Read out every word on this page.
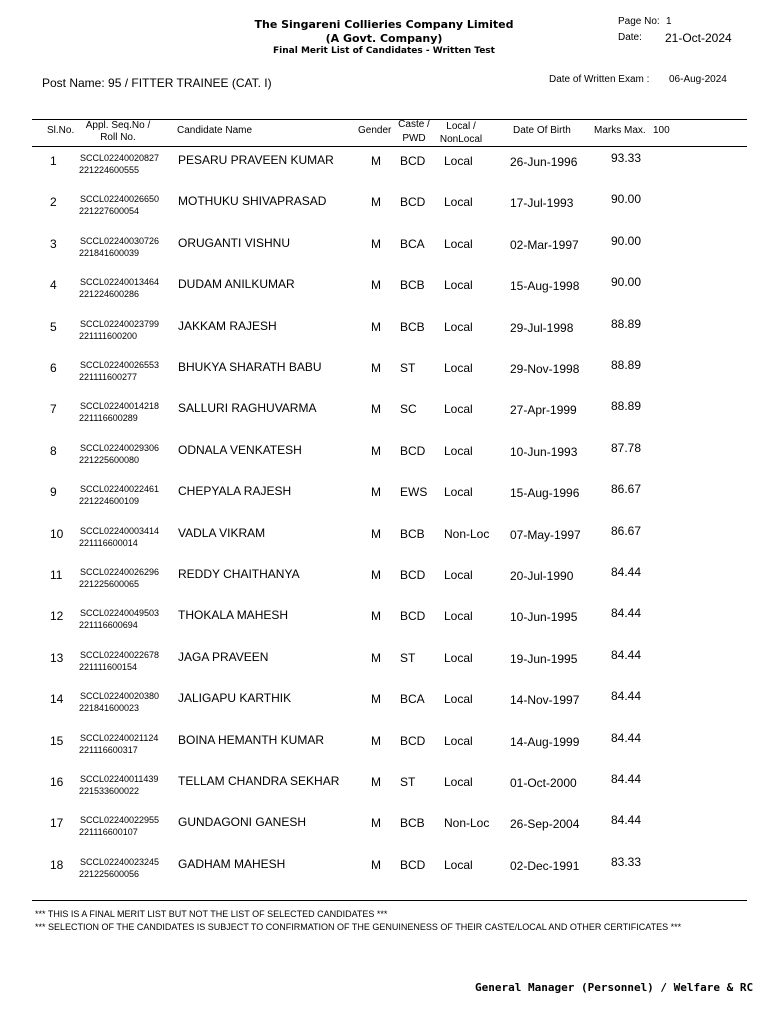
The Singareni Collieries Company Limited
(A Govt. Company)
Final Merit List of Candidates - Written Test
Page No: 1
Date: 21-Oct-2024
Post Name: 95 / FITTER TRAINEE (CAT. I)	Date of Written Exam : 06-Aug-2024
Sl.No.	Appl. Seq.No /
Roll No.
Candidate Name	Gender
Caste /
PWD
Local /
NonLocal
Date Of Birth Marks Max. 100
1	SCCL02240020827
221224600555
PESARU PRAVEEN KUMAR	M BCD Local	26-Jun-1996	93.33
2	SCCL02240026650
221227600054
MOTHUKU SHIVAPRASAD	M BCD Local	17-Jul-1993	90.00
3	SCCL02240030726
221841600039
ORUGANTI VISHNU	M BCA Local	02-Mar-1997	90.00
4	SCCL02240013464
221224600286
DUDAM ANILKUMAR	M BCB Local	15-Aug-1998	90.00
5	SCCL02240023799
221111600200
JAKKAM RAJESH	M BCB Local	29-Jul-1998	88.89
6	SCCL02240026553
221111600277
BHUKYA SHARATH BABU	M ST Local	29-Nov-1998	88.89
7	SCCL02240014218
221116600289
SALLURI RAGHUVARMA	M SC Local	27-Apr-1999	88.89
8	SCCL02240029306
221225600080
ODNALA VENKATESH	M BCD Local	10-Jun-1993	87.78
9	SCCL02240022461
221224600109
CHEPYALA RAJESH	M EWS Local	15-Aug-1996	86.67
10 SCCL02240003414
221116600014
VADLA VIKRAM	M BCB Non-Loc 07-May-1997	86.67
11 SCCL02240026296
221225600065
REDDY CHAITHANYA	M BCD Local	20-Jul-1990	84.44
12 SCCL02240049503
221116600694
THOKALA MAHESH	M BCD Local	10-Jun-1995	84.44
13 SCCL02240022678
221111600154
JAGA PRAVEEN	M ST Local	19-Jun-1995	84.44
14 SCCL02240020380
221841600023
JALIGAPU KARTHIK	M BCA Local	14-Nov-1997	84.44
15 SCCL02240021124
221116600317
BOINA HEMANTH KUMAR	M BCD Local	14-Aug-1999	84.44
16 SCCL02240011439
221533600022
TELLAM CHANDRA SEKHAR	M ST Local	01-Oct-2000	84.44
17 SCCL02240022955
221116600107
GUNDAGONI GANESH	M BCB Non-Loc 26-Sep-2004	84.44
18 SCCL02240023245
221225600056
GADHAM MAHESH	M BCD Local	02-Dec-1991	83.33
*** THIS IS A FINAL MERIT LIST BUT NOT THE LIST OF SELECTED CANDIDATES ***
*** SELECTION OF THE CANDIDATES IS SUBJECT TO CONFIRMATION OF THE GENUINENESS OF THEIR CASTE/LOCAL AND OTHER CERTIFICATES ***
General Manager (Personnel) / Welfare & RC
